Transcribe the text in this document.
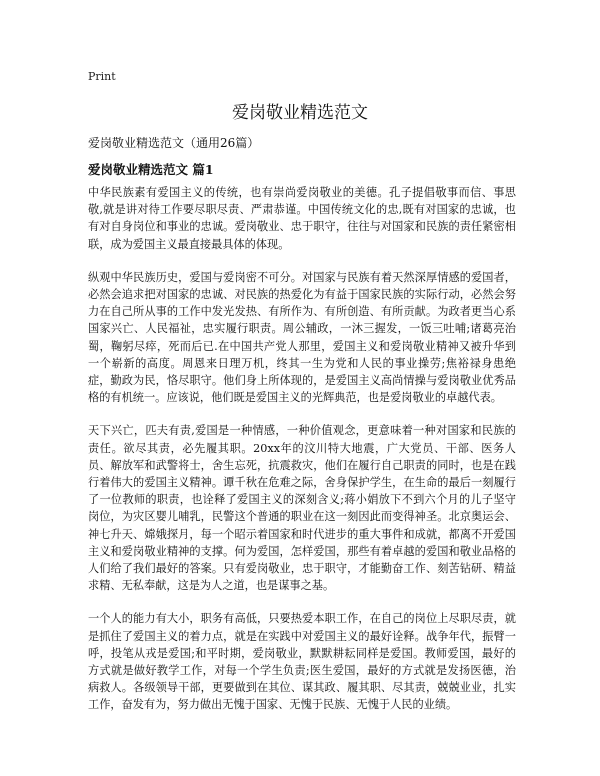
Print
爱岗敬业精选范文
爱岗敬业精选范文（通用26篇）
爱岗敬业精选范文 篇1

中华民族素有爱国主义的传统，也有崇尚爱岗敬业的美德。孔子提倡敬事而信、事思敬,就是讲对待工作要尽职尽责、严肃恭谨。中国传统文化的忠,既有对国家的忠诚，也有对自身岗位和事业的忠诚。爱岗敬业、忠于职守，往往与对国家和民族的责任紧密相联，成为爱国主义最直接最具体的体现。

纵观中华民族历史，爱国与爱岗密不可分。对国家与民族有着天然深厚情感的爱国者，必然会追求把对国家的忠诚、对民族的热爱化为有益于国家民族的实际行动，必然会努力在自己所从事的工作中发光发热、有所作为、有所创造、有所贡献。为政者更当心系国家兴亡、人民福祉，忠实履行职责。周公辅政，一沐三握发，一饭三吐哺;诸葛亮治蜀，鞠躬尽瘁，死而后已.在中国共产党人那里，爱国主义和爱岗敬业精神又被升华到一个崭新的高度。周恩来日理万机，终其一生为党和人民的事业操劳;焦裕禄身患绝症，勤政为民，恪尽职守。他们身上所体现的，是爱国主义高尚情操与爱岗敬业优秀品格的有机统一。应该说，他们既是爱国主义的光辉典范，也是爱岗敬业的卓越代表。

天下兴亡，匹夫有责,爱国是一种情感，一种价值观念，更意味着一种对国家和民族的责任。欲尽其责，必先履其职。20xx年的汶川特大地震，广大党员、干部、医务人员、解放军和武警将士，舍生忘死，抗震救灾，他们在履行自己职责的同时，也是在践行着伟大的爱国主义精神。谭千秋在危难之际，舍身保护学生，在生命的最后一刻履行了一位教师的职责，也诠释了爱国主义的深刻含义;蒋小娟放下不到六个月的儿子坚守岗位，为灾区婴儿哺乳，民警这个普通的职业在这一刻因此而变得神圣。北京奥运会、神七升天、嫦娥探月，每一个昭示着国家和时代进步的重大事件和成就，都离不开爱国主义和爱岗敬业精神的支撑。何为爱国，怎样爱国，那些有着卓越的爱国和敬业品格的人们给了我们最好的答案。只有爱岗敬业，忠于职守，才能勤奋工作、刻苦钻研、精益求精、无私奉献，这是为人之道，也是谋事之基。

一个人的能力有大小，职务有高低，只要热爱本职工作，在自己的岗位上尽职尽责，就是抓住了爱国主义的着力点，就是在实践中对爱国主义的最好诠释。战争年代，振臂一呼，投笔从戎是爱国;和平时期，爱岗敬业，默默耕耘同样是爱国。教师爱国，最好的方式就是做好教学工作，对每一个学生负责;医生爱国，最好的方式就是发扬医德，治病救人。各级领导干部，更要做到在其位、谋其政、履其职、尽其责，兢兢业业，扎实工作，奋发有为，努力做出无愧于国家、无愧于民族、无愧于人民的业绩。
